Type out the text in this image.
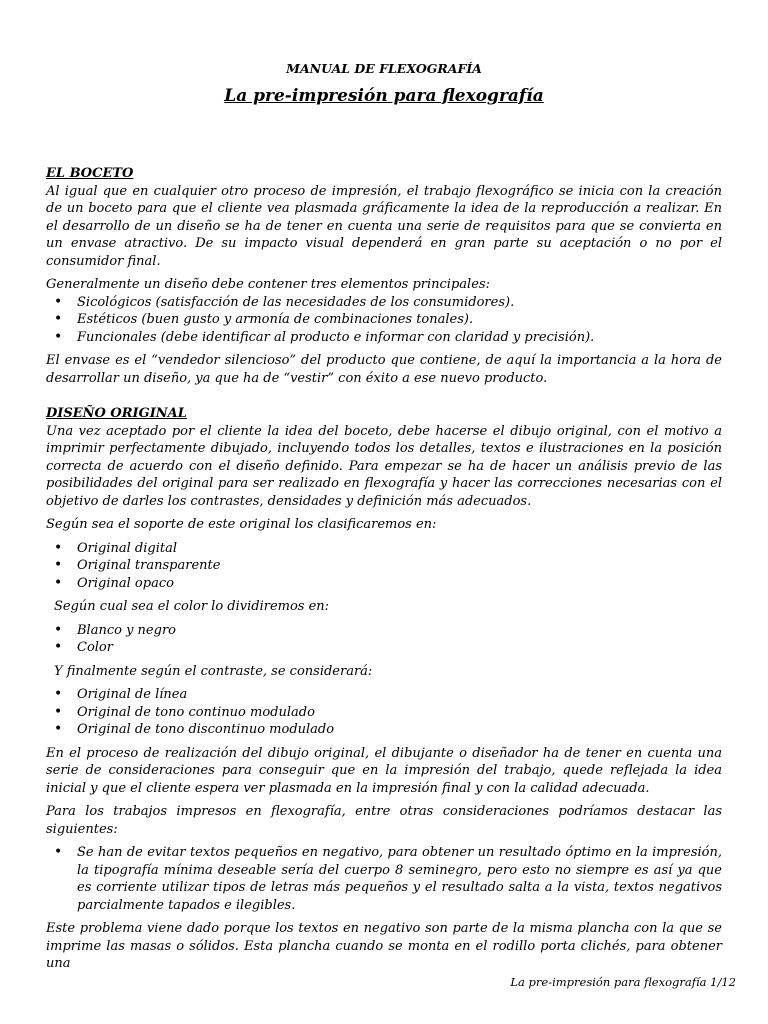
MANUAL DE FLEXOGRAFÍA
La pre-impresión para flexografía
EL BOCETO

Al igual que en cualquier otro proceso de impresión, el trabajo flexográfico se inicia con la creación de un boceto para que el cliente vea plasmada gráficamente la idea de la reproducción a realizar. En el desarrollo de un diseño se ha de tener en cuenta una serie de requisitos para que se convierta en un envase atractivo. De su impacto visual dependerá en gran parte su aceptación o no por el consumidor final.

Generalmente un diseño debe contener tres elementos principales:

• Sicológicos (satisfacción de las necesidades de los consumidores).
• Estéticos (buen gusto y armonía de combinaciones tonales).
• Funcionales (debe identificar al producto e informar con claridad y precisión).

El envase es el “vendedor silencioso” del producto que contiene, de aquí la importancia a la hora de desarrollar un diseño, ya que ha de “vestir” con éxito a ese nuevo producto.

DISEÑO ORIGINAL

Una vez aceptado por el cliente la idea del boceto, debe hacerse el dibujo original, con el motivo a imprimir perfectamente dibujado, incluyendo todos los detalles, textos e ilustraciones en la posición correcta de acuerdo con el diseño definido. Para empezar se ha de hacer un análisis previo de las posibilidades del original para ser realizado en flexografía y hacer las correcciones necesarias con el objetivo de darles los contrastes, densidades y definición más adecuados.

Según sea el soporte de este original los clasificaremos en:

• Original digital
• Original transparente
• Original opaco

Según cual sea el color lo dividiremos en:

• Blanco y negro
• Color

Y finalmente según el contraste, se considerará:

• Original de línea
• Original de tono continuo modulado
• Original de tono discontinuo modulado

En el proceso de realización del dibujo original, el dibujante o diseñador ha de tener en cuenta una serie de consideraciones para conseguir que en la impresión del trabajo, quede reflejada la idea inicial y que el cliente espera ver plasmada en la impresión final y con la calidad adecuada.

Para los trabajos impresos en flexografía, entre otras consideraciones podríamos destacar las siguientes:

• Se han de evitar textos pequeños en negativo, para obtener un resultado óptimo en la impresión, la tipografía mínima deseable sería del cuerpo 8 seminegro, pero esto no siempre es así ya que es corriente utilizar tipos de letras más pequeños y el resultado salta a la vista, textos negativos parcialmente tapados e ilegibles.

Este problema viene dado porque los textos en negativo son parte de la misma plancha con la que se imprime las masas o sólidos. Esta plancha cuando se monta en el rodillo porta clichés, para obtener una

La pre-impresión para flexografía 1/12
